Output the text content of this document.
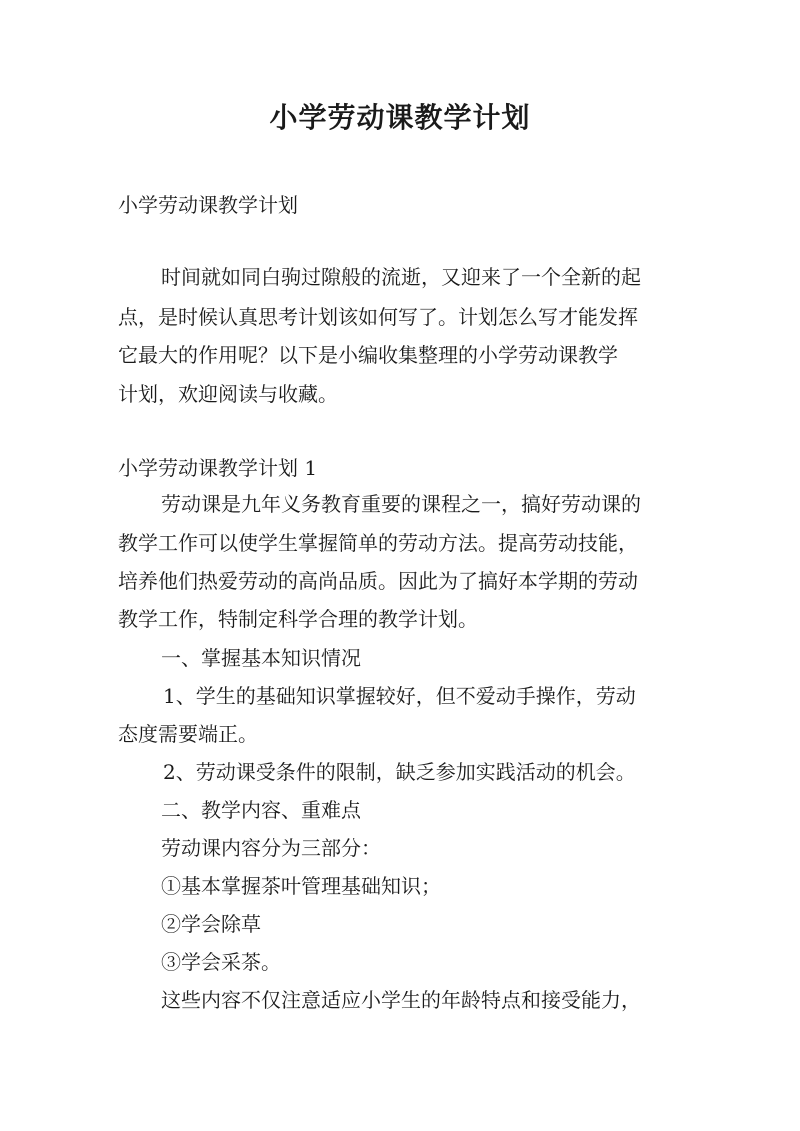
小学劳动课教学计划

小学劳动课教学计划

时间就如同白驹过隙般的流逝，又迎来了一个全新的起

点，是时候认真思考计划该如何写了。计划怎么写才能发挥

它最大的作用呢？以下是小编收集整理的小学劳动课教学

计划，欢迎阅读与收藏。

小学劳动课教学计划 1

劳动课是九年义务教育重要的课程之一，搞好劳动课的

教学工作可以使学生掌握简单的劳动方法。提高劳动技能，

培养他们热爱劳动的高尚品质。因此为了搞好本学期的劳动

教学工作，特制定科学合理的教学计划。

一、掌握基本知识情况

1、学生的基础知识掌握较好，但不爱动手操作，劳动

态度需要端正。

2、劳动课受条件的限制，缺乏参加实践活动的机会。

二、教学内容、重难点

劳动课内容分为三部分：

①基本掌握茶叶管理基础知识；

②学会除草

③学会采茶。

这些内容不仅注意适应小学生的年龄特点和接受能力，
